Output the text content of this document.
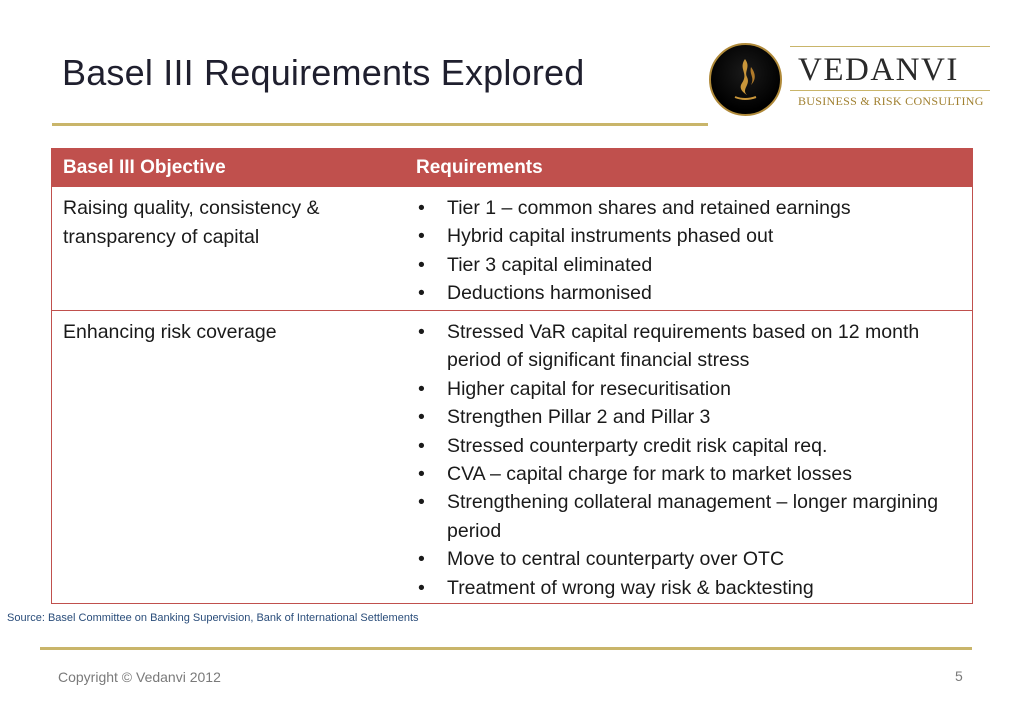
Basel III Requirements Explored	VEDANVI
BUSINESS & RISK CONSULTING
Basel III Objective	Requirements
Raising quality, consistency & transparency of capital
• Tier 1 – common shares and retained earnings
• Hybrid capital instruments phased out
• Tier 3 capital eliminated
• Deductions harmonised
Enhancing risk coverage
•	Stressed VaR capital requirements based on 12 month period of significant financial stress
• Higher capital for resecuritisation
• Strengthen Pillar 2 and Pillar 3
• Stressed counterparty credit risk capital req.
• CVA – capital charge for mark to market losses
• Strengthening collateral management – longer margining period
• Move to central counterparty over OTC
• Treatment of wrong way risk & backtesting
Source: Basel Committee on Banking Supervision, Bank of International Settlements
Copyright © Vedanvi 2012	5
